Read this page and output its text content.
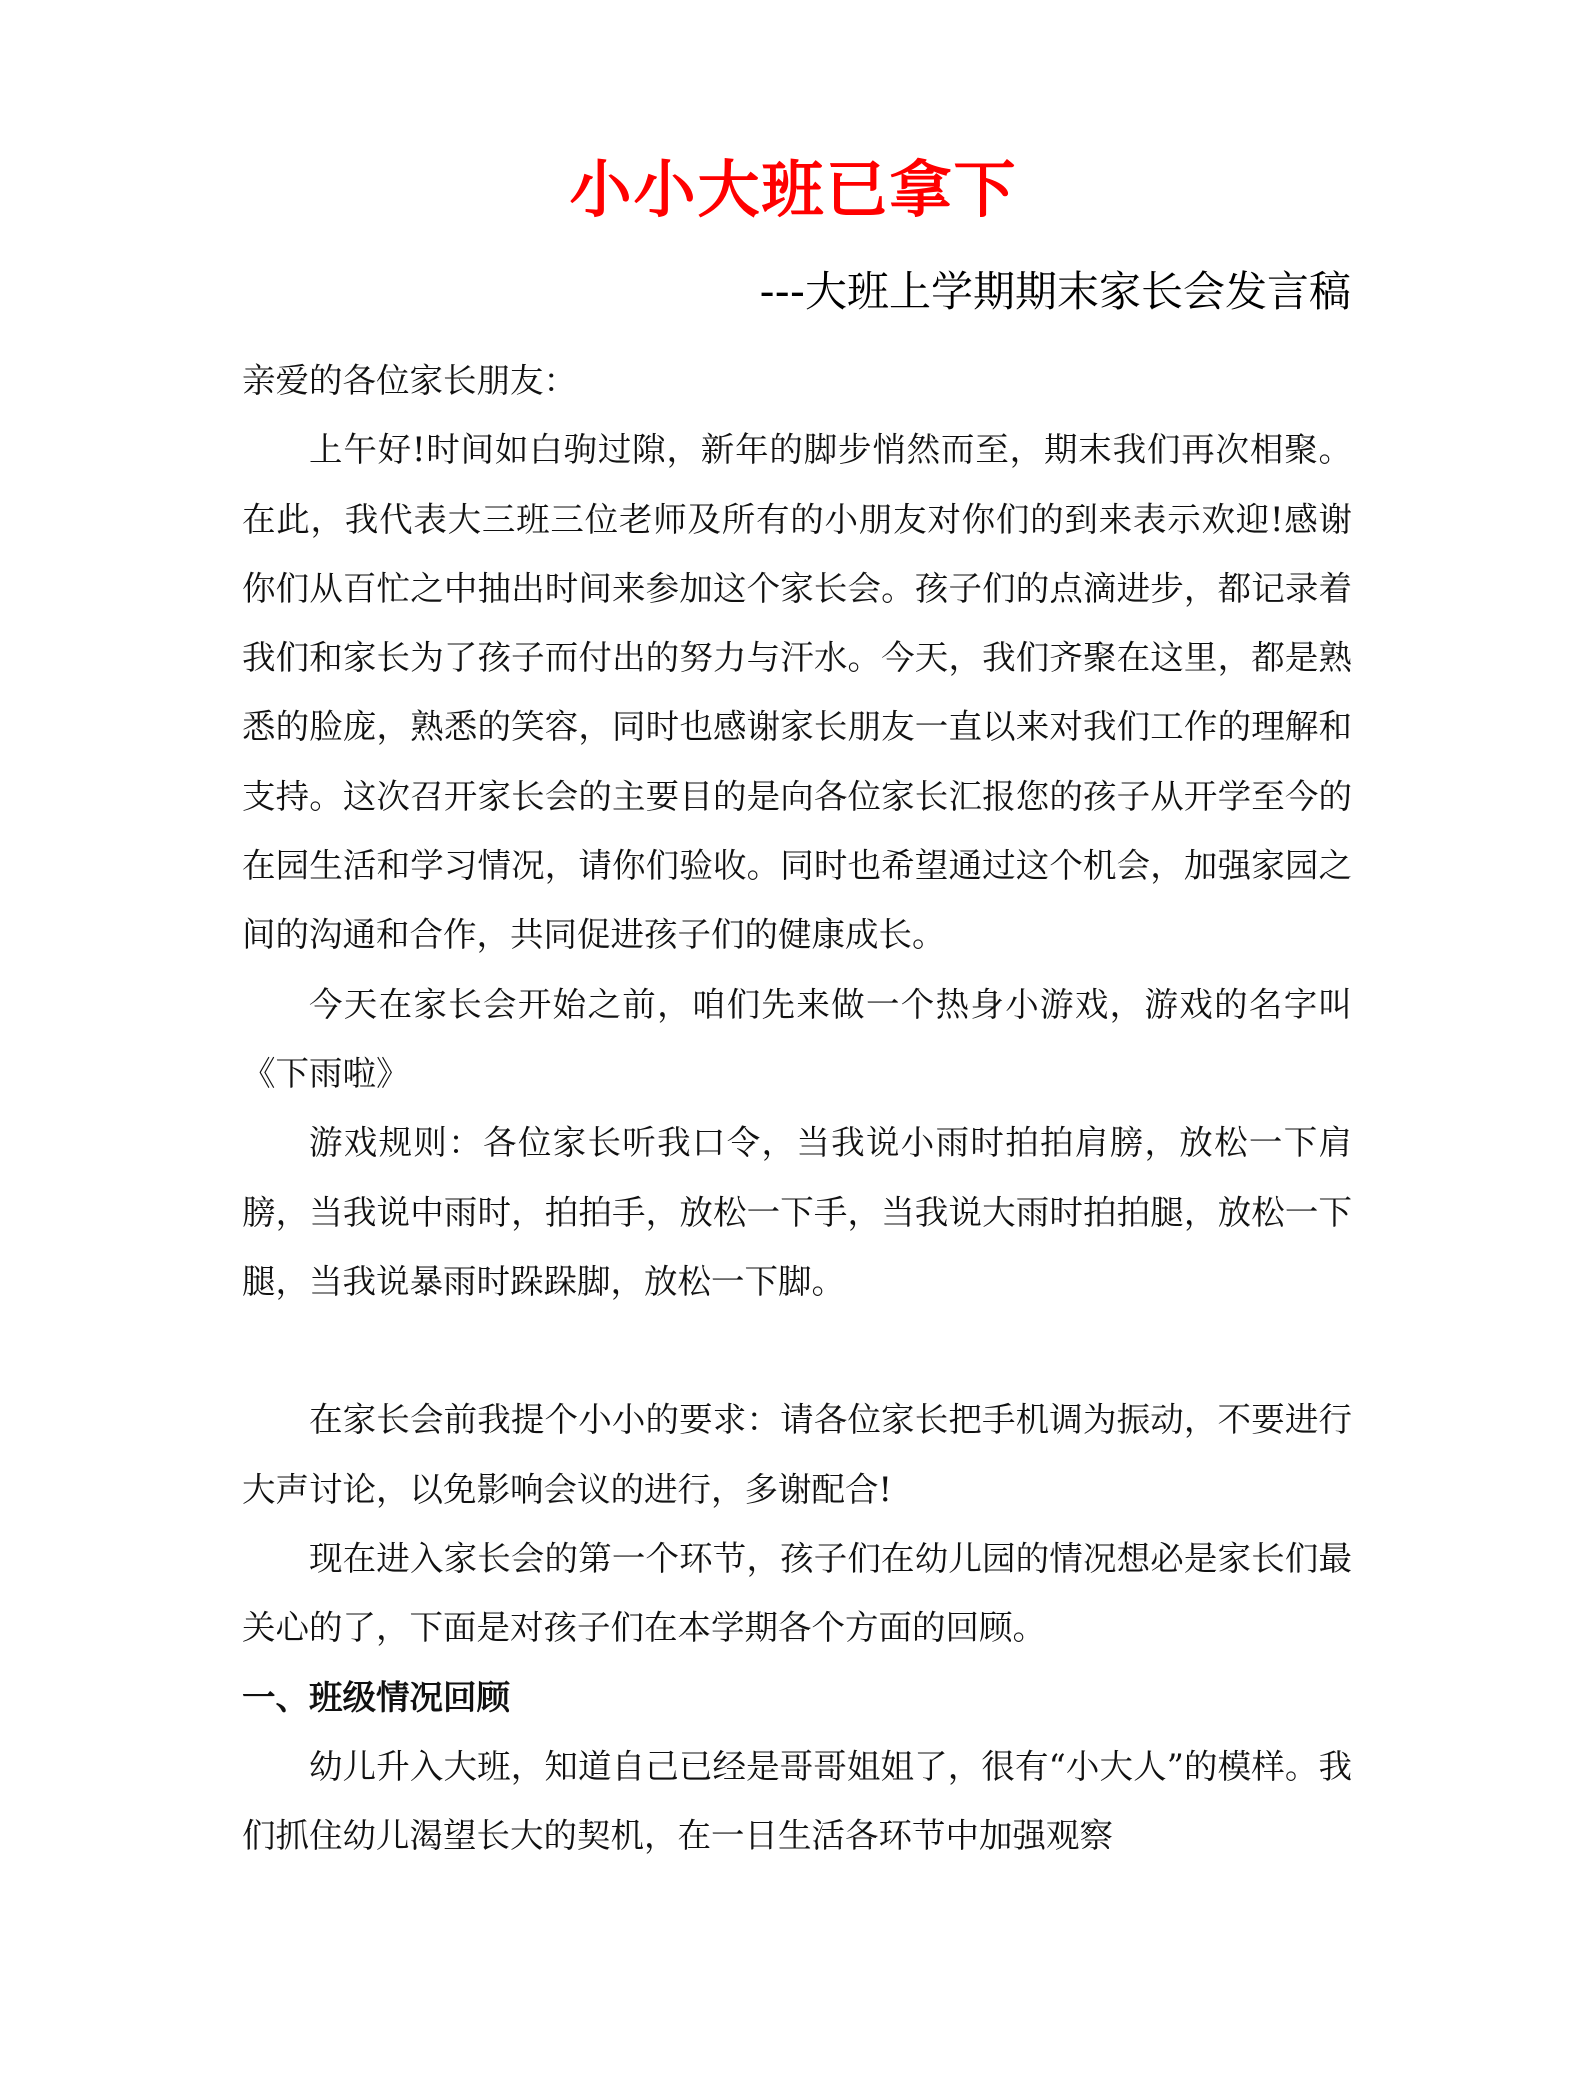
小小大班已拿下
---大班上学期期末家长会发言稿

亲爱的各位家长朋友：

上午好!时间如白驹过隙，新年的脚步悄然而至，期末我们再次相聚。在此，我代表大三班三位老师及所有的小朋友对你们的到来表示欢迎!感谢你们从百忙之中抽出时间来参加这个家长会。孩子们的点滴进步，都记录着我们和家长为了孩子而付出的努力与汗水。今天，我们齐聚在这里，都是熟悉的脸庞，熟悉的笑容，同时也感谢家长朋友一直以来对我们工作的理解和支持。这次召开家长会的主要目的是向各位家长汇报您的孩子从开学至今的在园生活和学习情况，请你们验收。同时也希望通过这个机会，加强家园之间的沟通和合作，共同促进孩子们的健康成长。

今天在家长会开始之前，咱们先来做一个热身小游戏，游戏的名字叫《下雨啦》

游戏规则：各位家长听我口令，当我说小雨时拍拍肩膀，放松一下肩膀，当我说中雨时，拍拍手，放松一下手，当我说大雨时拍拍腿，放松一下腿，当我说暴雨时跺跺脚，放松一下脚。

在家长会前我提个小小的要求：请各位家长把手机调为振动，不要进行大声讨论，以免影响会议的进行，多谢配合!

现在进入家长会的第一个环节，孩子们在幼儿园的情况想必是家长们最关心的了，下面是对孩子们在本学期各个方面的回顾。

一、班级情况回顾

幼儿升入大班，知道自己已经是哥哥姐姐了，很有“小大人”的模样。我们抓住幼儿渴望长大的契机，在一日生活各环节中加强观察
